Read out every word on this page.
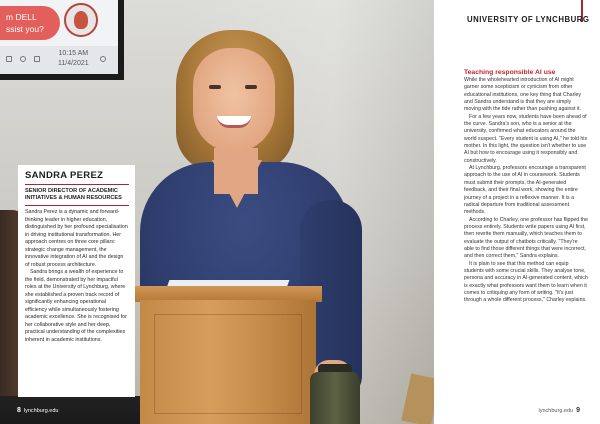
m DELL
ssist you?
10:15 AM
11/4/2021
SANDRA PEREZ
SENIOR DIRECTOR OF ACADEMIC INITIATIVES & HUMAN RESOURCES

Sandra Perez is a dynamic and forward-thinking leader in higher education, distinguished by her profound specialisation in driving institutional transformation. Her approach centres on three core pillars: strategic change management, the innovative integration of AI and the design of robust process architecture.

Sandra brings a wealth of experience to the field, demonstrated by her impactful roles at the University of Lynchburg, where she established a proven track record of significantly enhancing operational efficiency while simultaneously fostering academic excellence. She is recognised for her collaborative style and her deep, practical understanding of the complexities inherent in academic institutions.

8 lynchburg.edu
UNIVERSITY OF LYNCHBURG
Teaching responsible AI use

While the wholehearted introduction of AI might garner some scepticism or cynicism from other educational institutions, one key thing that Charley and Sandra understand is that they are simply moving with the tide rather than pushing against it.

For a few years now, students have been ahead of the curve. Sandra's son, who is a senior at the university, confirmed what educators around the world suspect. "Every student is using AI," he told his mother. In this light, the question isn't whether to use AI but how to encourage using it responsibly and constructively.

At Lynchburg, professors encourage a transparent approach to the use of AI in coursework. Students must submit their prompts, the AI-generated feedback, and their final work, showing the entire journey of a project in a reflexive manner. It is a radical departure from traditional assessment methods.

According to Charley, one professor has flipped the process entirely. Students write papers using AI first, then rewrite them manually, which teaches them to evaluate the output of chatbots critically. "They're able to find those different things that were incorrect, and then correct them," Sandra explains.

It is plain to see that this method can equip students with some crucial skills. They analyse tone, persona and accuracy in AI-generated content, which is exactly what professors want them to learn when it comes to critiquing any form of writing. "It's just through a whole different process," Charley explains.

lynchburg.edu 9
